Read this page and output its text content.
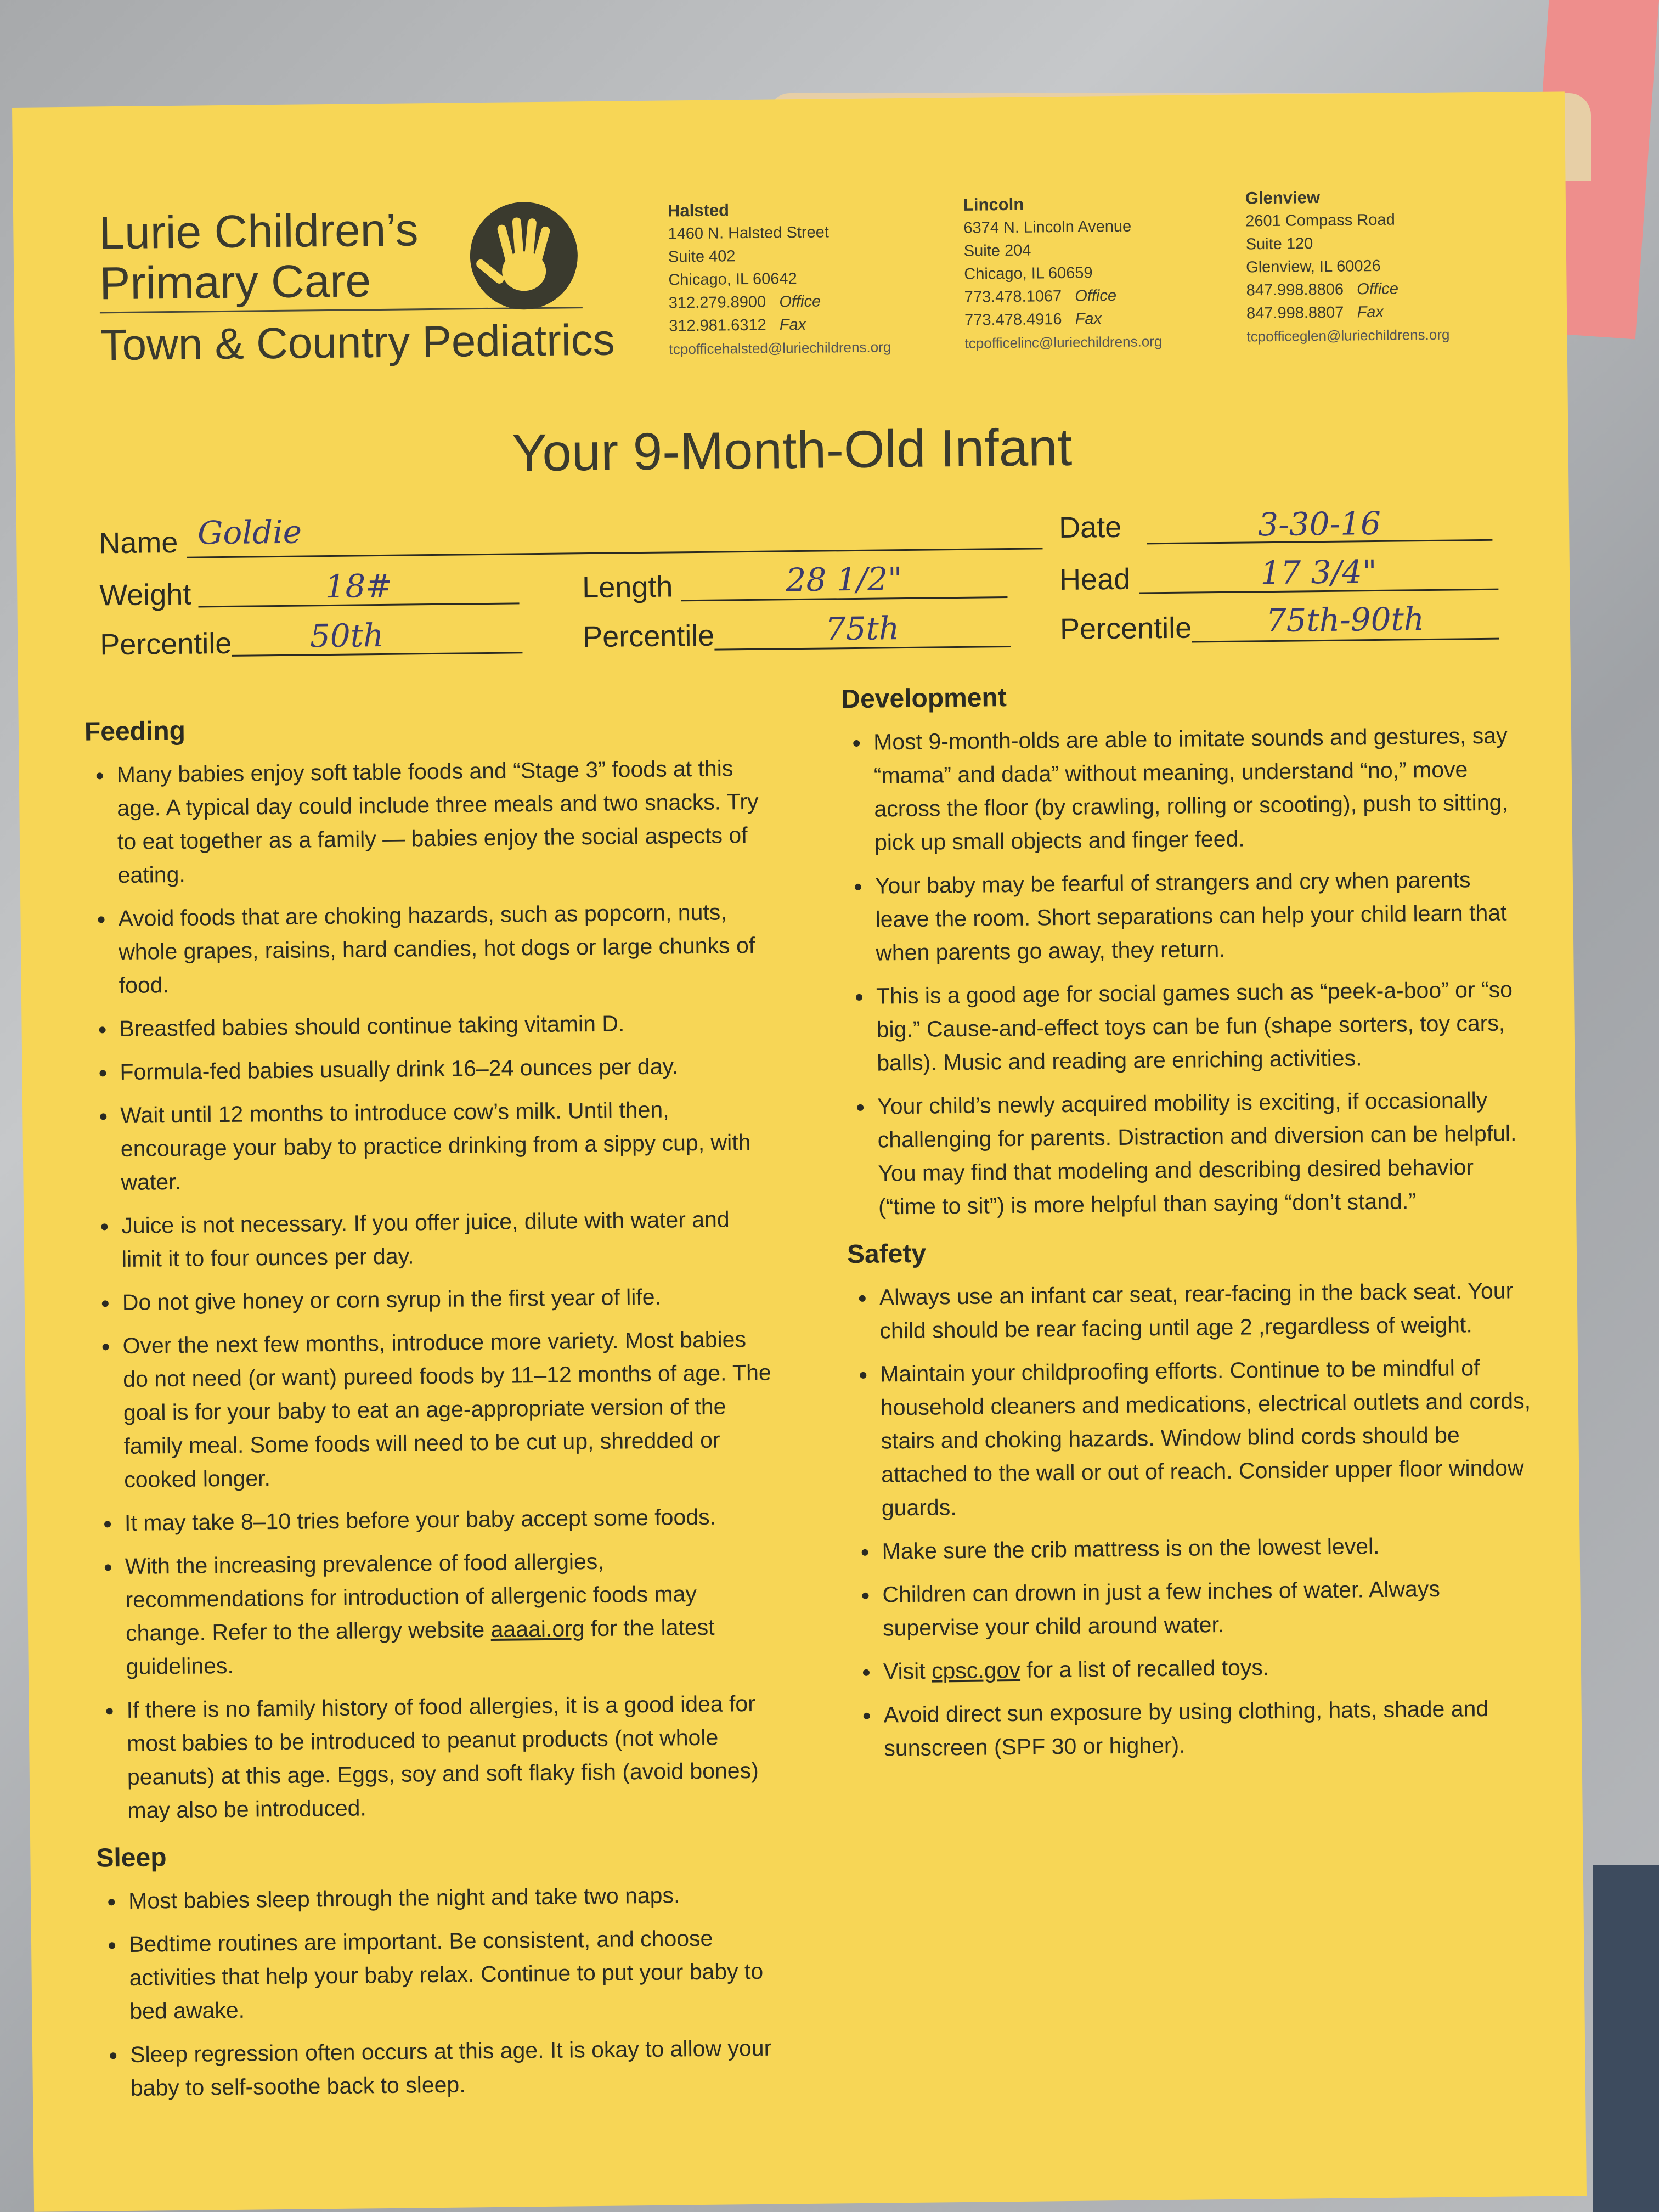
Lurie Children’s
Primary Care
Town & Country Pediatrics
Halsted
1460 N. Halsted Street
Suite 402
Chicago, IL 60642
312.279.8900 Office
312.981.6312 Fax
tcpofficehalsted@luriechildrens.org
Lincoln
6374 N. Lincoln Avenue
Suite 204
Chicago, IL 60659
773.478.1067 Office
773.478.4916 Fax
tcpofficelinc@luriechildrens.org
Glenview
2601 Compass Road
Suite 120
Glenview, IL 60026
847.998.8806 Office
847.998.8807 Fax
tcpofficeglen@luriechildrens.org
Your 9-Month-Old Infant
Name Goldie	Date	3-30-16
Weight	18#	Length	28 1/2"	Head	17 3/4"
Percentile	50th	Percentile	75th	Percentile	75th-90th
Feeding
• Many babies enjoy soft table foods and “Stage 3” foods at this age. A typical day could include three meals and two snacks. Try to eat together as a family — babies enjoy the social aspects of eating.
• Avoid foods that are choking hazards, such as popcorn, nuts, whole grapes, raisins, hard candies, hot dogs or large chunks of food.
• Breastfed babies should continue taking vitamin D.
• Formula-fed babies usually drink 16–24 ounces per day.
• Wait until 12 months to introduce cow’s milk. Until then, encourage your baby to practice drinking from a sippy cup, with water.
• Juice is not necessary. If you offer juice, dilute with water and limit it to four ounces per day.
• Do not give honey or corn syrup in the first year of life.
• Over the next few months, introduce more variety. Most babies do not need (or want) pureed foods by 11–12 months of age. The goal is for your baby to eat an age-appropriate version of the family meal. Some foods will need to be cut up, shredded or cooked longer.
• It may take 8–10 tries before your baby accept some foods.
• With the increasing prevalence of food allergies, recommendations for introduction of allergenic foods may change. Refer to the allergy website aaaai.org for the latest guidelines.
• If there is no family history of food allergies, it is a good idea for most babies to be introduced to peanut products (not whole peanuts) at this age. Eggs, soy and soft flaky fish (avoid bones) may also be introduced.
Sleep
• Most babies sleep through the night and take two naps.
• Bedtime routines are important. Be consistent, and choose activities that help your baby relax. Continue to put your baby to bed awake.
• Sleep regression often occurs at this age. It is okay to allow your baby to self-soothe back to sleep.
Development
• Most 9-month-olds are able to imitate sounds and gestures, say “mama” and dada” without meaning, understand “no,” move across the floor (by crawling, rolling or scooting), push to sitting, pick up small objects and finger feed.
• Your baby may be fearful of strangers and cry when parents leave the room. Short separations can help your child learn that when parents go away, they return.
• This is a good age for social games such as “peek-a-boo” or “so big.” Cause-and-effect toys can be fun (shape sorters, toy cars, balls). Music and reading are enriching activities.
• Your child’s newly acquired mobility is exciting, if occasionally challenging for parents. Distraction and diversion can be helpful. You may find that modeling and describing desired behavior (“time to sit”) is more helpful than saying “don’t stand.”
Safety
• Always use an infant car seat, rear-facing in the back seat. Your child should be rear facing until age 2 ,regardless of weight.
• Maintain your childproofing efforts. Continue to be mindful of household cleaners and medications, electrical outlets and cords, stairs and choking hazards. Window blind cords should be attached to the wall or out of reach. Consider upper floor window guards.
• Make sure the crib mattress is on the lowest level.
• Children can drown in just a few inches of water. Always supervise your child around water.
• Visit cpsc.gov for a list of recalled toys.
• Avoid direct sun exposure by using clothing, hats, shade and sunscreen (SPF 30 or higher).
